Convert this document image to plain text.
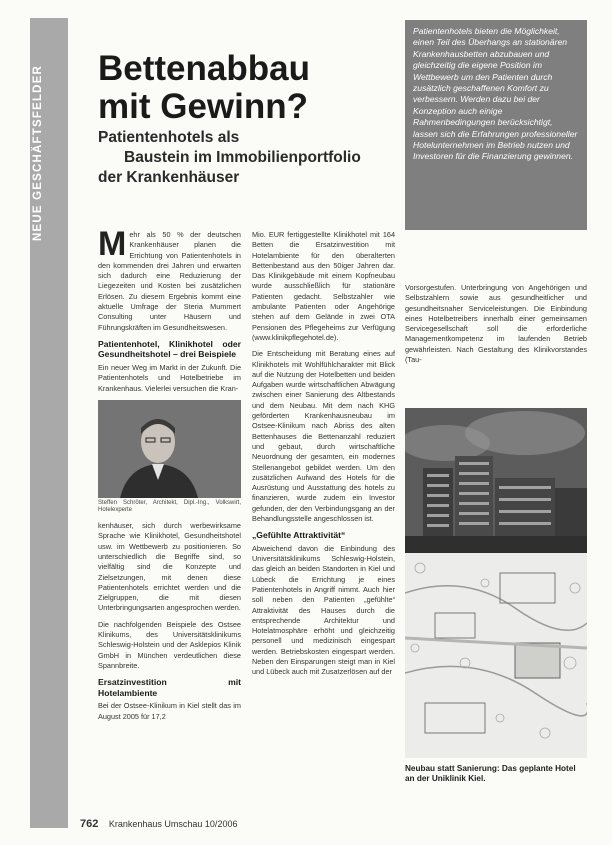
NEUE GESCHÄFTSFELDER	Bettenabbau
mit Gewinn?
Patientenhotels als
Baustein im Immobilienportfolio
der Krankenhäuser
Patientenhotels bieten die Möglichkeit, einen Teil des Überhangs an stationären Krankenhausbetten abzubauen und gleichzeitig die eigene Position im Wettbewerb um den Patienten durch zusätzlich geschaffenen Komfort zu verbessern. Werden dazu bei der Konzeption auch einige Rahmenbedingungen berücksichtigt, lassen sich die Erfahrungen professioneller Hotelunternehmen im Betrieb nutzen und Investoren für die Finanzierung gewinnen.

Mehr als 50 % der deutschen Krankenhäuser planen die Errichtung von Patientenhotels in den kommenden drei Jahren und erwarten sich dadurch eine Reduzierung der Liegezeiten und Kosten bei zusätzlichen Erlösen. Zu diesem Ergebnis kommt eine aktuelle Umfrage der Steria Mummert Consulting unter Häusern und Führungskräften im Gesundheitswesen.

Patientenhotel, Klinikhotel oder Gesundheitshotel – drei Beispiele

Ein neuer Weg im Markt in der Zukunft. Die Patientenhotels und Hotelbetriebe im Krankenhaus. Vielerlei versuchen die Kran-

Steffen Schröter, Architekt, Dipl.-Ing., Volkswirt, Hotelexperte

kenhäuser, sich durch werbewirksame Sprache wie Klinikhotel, Gesundheitshotel usw. im Wettbewerb zu positionieren. So unterschiedlich die Begriffe sind, so vielfältig sind die Konzepte und Zielsetzungen, mit denen diese Patientenhotels errichtet werden und die Zielgruppen, die mit diesen Unterbringungsarten angesprochen werden.

Die nachfolgenden Beispiele des Ostsee Klinikums, des Universitätsklinikums Schleswig-Holstein und der Asklepios Klinik GmbH in München verdeutlichen diese Spannbreite.

Ersatzinvestition mit Hotelambiente

Bei der Ostsee-Klinikum in Kiel stellt das im August 2005 für 17,2

Mio. EUR fertiggestellte Klinikhotel mit 164 Betten die Ersatzinvestition mit Hotelambiente für den überalterten Bettenbestand aus den 50iger Jahren dar. Das Klinikgebäude mit einem Kopfneubau wurde ausschließlich für stationäre Patienten gedacht. Selbstzahler wie ambulante Patienten oder Angehörige stehen auf dem Gelände in zwei OTA Pensionen des Pflegeheims zur Verfügung (www.klinikpflegehotel.de).

Die Entscheidung mit Beratung eines auf Klinikhotels mit Wohlfühlcharakter mit Blick auf die Nutzung der Hotelbetten und beiden Aufgaben wurde wirtschaftlichen Abwägung zwischen einer Sanierung des Altbestands und dem Neubau. Mit dem nach KHG geförderten Krankenhausneubau im Ostsee-Klinikum nach Abriss des alten Bettenhauses die Bettenanzahl reduziert und gebaut, durch wirtschaftliche Neuordnung der gesamten, ein modernes Stellenangebot gebildet werden. Um den zusätzlichen Aufwand des Hotels für die Ausrüstung und Ausstattung des hotels zu finanzieren, wurde zudem ein Investor gefunden, der den Verbindungsgang an der Behandlungsstelle angeschlossen ist.

„Gefühlte Attraktivität“

Abweichend davon die Einbindung des Universitätsklinikums Schleswig-Holstein, das gleich an beiden Standorten in Kiel und Lübeck die Errichtung je eines Patientenhotels in Angriff nimmt. Auch hier soll neben den Patienten „gefühlte“ Attraktivität des Hauses durch die entsprechende Architektur und Hotelatmosphäre erhöht und gleichzeitig personell und medizinisch eingespart werden. Betriebskosten eingespart werden. Neben den Einsparungen steigt man in Kiel und Lübeck auch mit Zusatzerlösen auf der

Vorsorgestufen. Unterbringung von Angehörigen und Selbstzahlern sowie aus gesundheitlicher und gesundheitsnaher Serviceleistungen. Die Einbindung eines Hotelbetreibers innerhalb einer gemeinsamen Servicegesellschaft soll die erforderliche Managementkompetenz im laufenden Betrieb gewährleisten. Nach Gestaltung des Klinikvorstandes (Tau-

Neubau statt Sanierung: Das geplante Hotel an der Uniklinik Kiel.

762 Krankenhaus Umschau 10/2006
